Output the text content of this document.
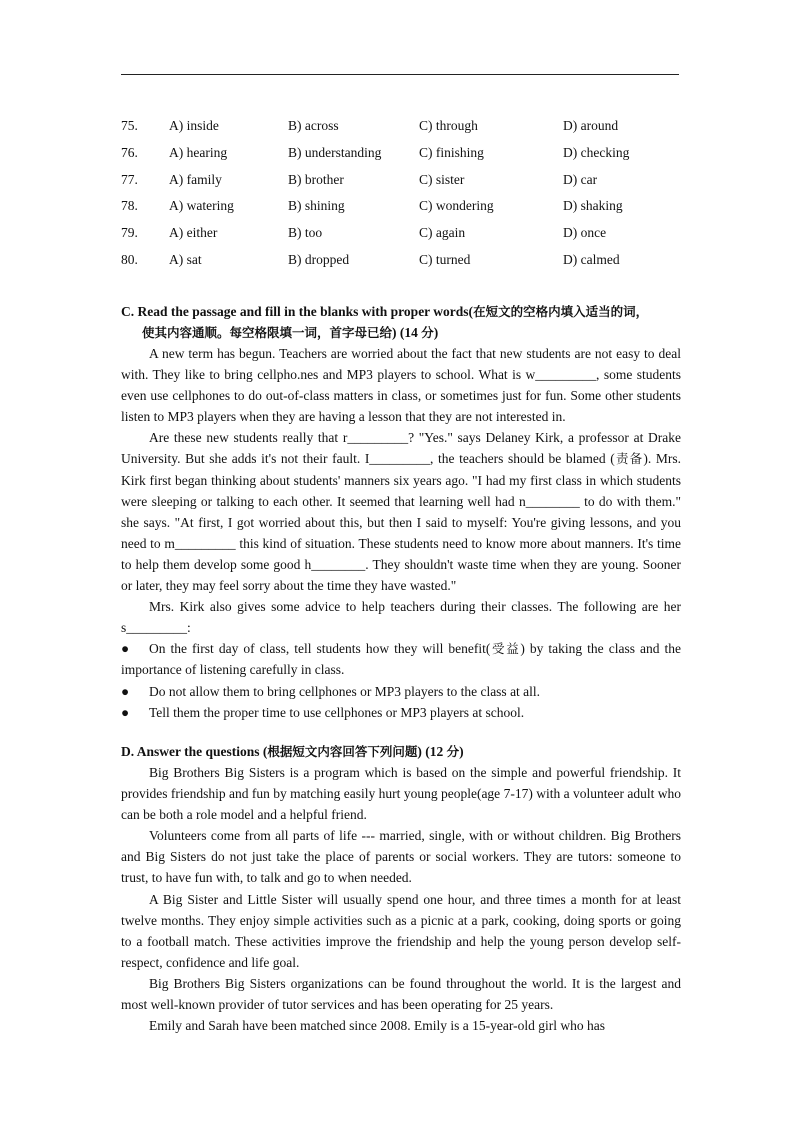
75. A) inside	B) across	C) through	D) around
76. A) hearing	B) understanding	C) finishing	D) checking
77. A) family	B) brother	C) sister	D) car
78. A) watering	B) shining	C) wondering	D) shaking
79. A) either	B) too	C) again	D) once
80. A) sat	B) dropped	C) turned	D) calmed
C. Read the passage and fill in the blanks with proper words(在短文的空格内填入适当的词，
使其内容通顺。每空格限填一词，首字母已给) (14 分)

A new term has begun. Teachers are worried about the fact that new students are not easy to deal with. They like to bring cellpho.nes and MP3 players to school. What is w_________, some students even use cellphones to do out-of-class matters in class, or sometimes just for fun. Some other students listen to MP3 players when they are having a lesson that they are not interested in.

Are these new students really that r_________? "Yes." says Delaney Kirk, a professor at Drake University. But she adds it's not their fault. I_________, the teachers should be blamed (责备). Mrs. Kirk first began thinking about students' manners six years ago. "I had my first class in which students were sleeping or talking to each other. It seemed that learning well had n________ to do with them." she says. "At first, I got worried about this, but then I said to myself: You're giving lessons, and you need to m_________ this kind of situation. These students need to know more about manners. It's time to help them develop some good h________. They shouldn't waste time when they are young. Sooner or later, they may feel sorry about the time they have wasted."

Mrs. Kirk also gives some advice to help teachers during their classes. The following are her s_________:

● On the first day of class, tell students how they will benefit(受益) by taking the class and the importance of listening carefully in class.
● Do not allow them to bring cellphones or MP3 players to the class at all.
● Tell them the proper time to use cellphones or MP3 players at school.
D. Answer the questions (根据短文内容回答下列问题) (12 分)

Big Brothers Big Sisters is a program which is based on the simple and powerful friendship. It provides friendship and fun by matching easily hurt young people(age 7-17) with a volunteer adult who can be both a role model and a helpful friend.

Volunteers come from all parts of life --- married, single, with or without children. Big Brothers and Big Sisters do not just take the place of parents or social workers. They are tutors: someone to trust, to have fun with, to talk and go to when needed.

A Big Sister and Little Sister will usually spend one hour, and three times a month for at least twelve months. They enjoy simple activities such as a picnic at a park, cooking, doing sports or going to a football match. These activities improve the friendship and help the young person develop self-respect, confidence and life goal.

Big Brothers Big Sisters organizations can be found throughout the world. It is the largest and most well-known provider of tutor services and has been operating for 25 years.

Emily and Sarah have been matched since 2008. Emily is a 15-year-old girl who has
